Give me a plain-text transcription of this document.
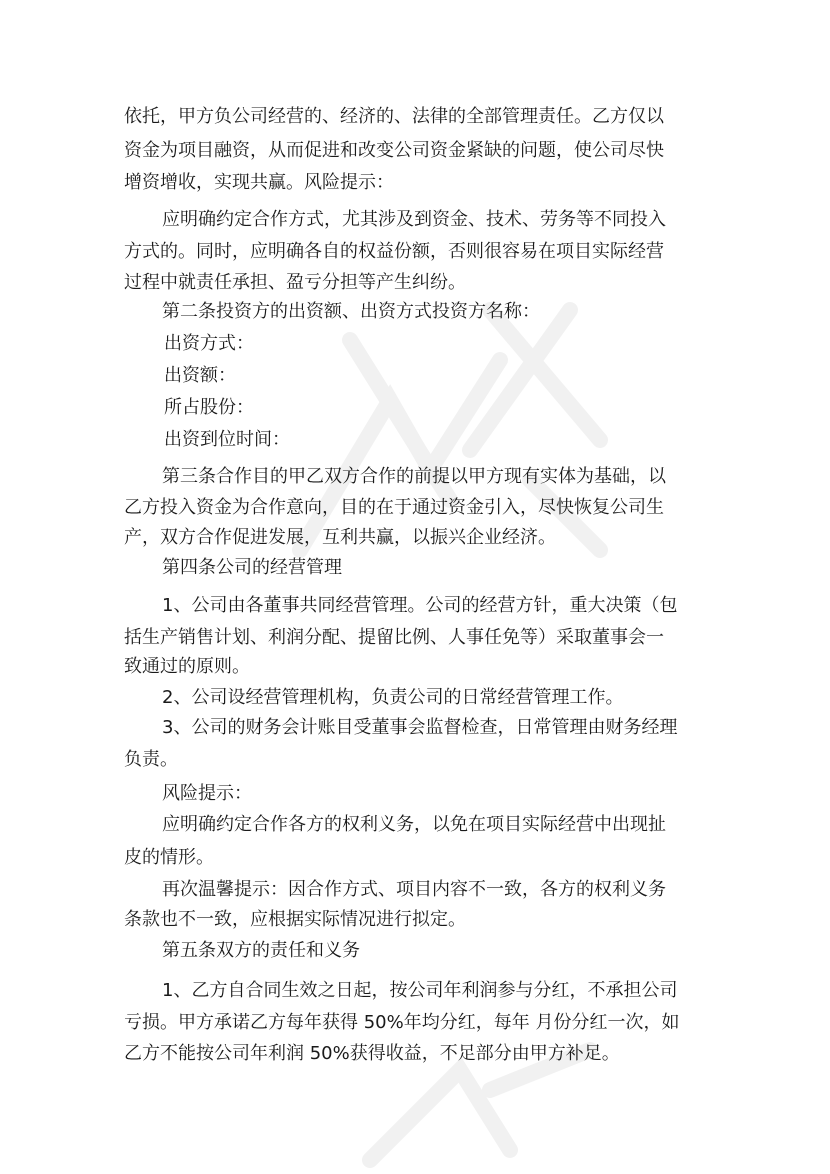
依托，甲方负公司经营的、经济的、法律的全部管理责任。乙方仅以

资金为项目融资，从而促进和改变公司资金紧缺的问题，使公司尽快

增资增收，实现共赢。风险提示：

应明确约定合作方式，尤其涉及到资金、技术、劳务等不同投入

方式的。同时，应明确各自的权益份额，否则很容易在项目实际经营

过程中就责任承担、盈亏分担等产生纠纷。

第二条投资方的出资额、出资方式投资方名称：

出资方式：

出资额：

所占股份：

出资到位时间：

第三条合作目的甲乙双方合作的前提以甲方现有实体为基础，以

乙方投入资金为合作意向，目的在于通过资金引入，尽快恢复公司生

产，双方合作促进发展，互利共赢，以振兴企业经济。

第四条公司的经营管理

1、公司由各董事共同经营管理。公司的经营方针，重大决策（包

括生产销售计划、利润分配、提留比例、人事任免等）采取董事会一

致通过的原则。

2、公司设经营管理机构，负责公司的日常经营管理工作。

3、公司的财务会计账目受董事会监督检查，日常管理由财务经理

负责。

风险提示：

应明确约定合作各方的权利义务，以免在项目实际经营中出现扯

皮的情形。

再次温馨提示：因合作方式、项目内容不一致，各方的权利义务

条款也不一致，应根据实际情况进行拟定。

第五条双方的责任和义务

1、乙方自合同生效之日起，按公司年利润参与分红，不承担公司

亏损。甲方承诺乙方每年获得 50%年均分红，每年 月份分红一次，如

乙方不能按公司年利润 50%获得收益，不足部分由甲方补足。
